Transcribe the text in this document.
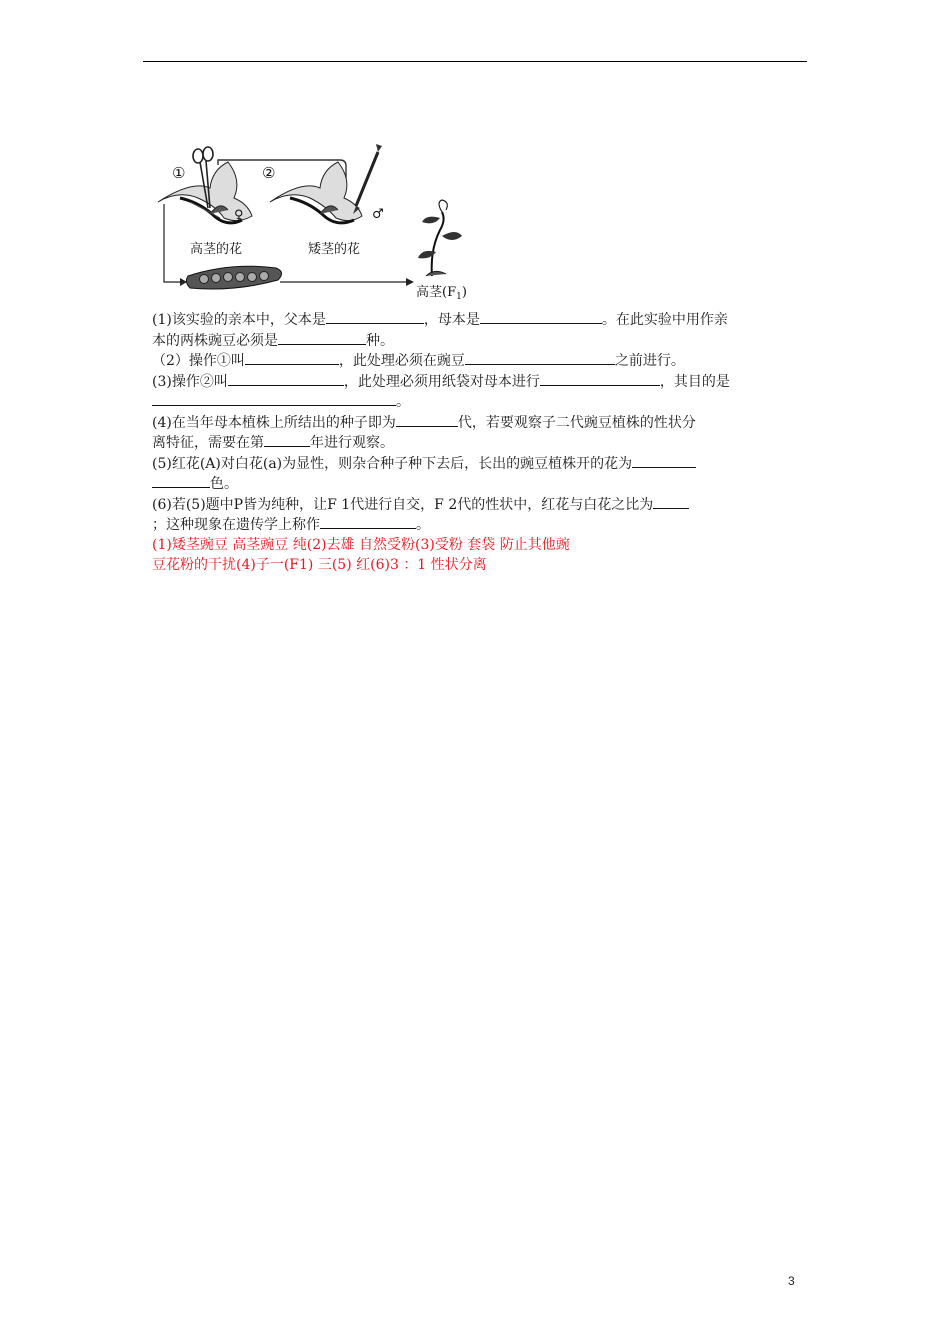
①	②
♀	♂
高茎的花	矮茎的花
高茎$(F_1)$
(1)该实验的亲本中，父本是	，母本是	。在此实验中用作亲
本的两株豌豆必须是	种。
（2）操作①叫	，此处理必须在豌豆	之前进行。
(3)操作②叫	，此处理必须用纸袋对母本进行	，其目的是
。
(4)在当年母本植株上所结出的种子即为	代，若要观察子二代豌豆植株的性状分
离特征，需要在第	年进行观察。
(5)红花(A)对白花(a)为显性，则杂合种子种下去后，长出的豌豆植株开的花为
色。
(6)若(5)题中P皆为纯种，让F 1代进行自交，F 2代的性状中，红花与白花之比为
；这种现象在遗传学上称作	。
(1)矮茎豌豆 高茎豌豆 纯(2)去雄 自然受粉(3)受粉 套袋 防止其他豌
豆花粉的干扰(4)子一(F1) 三(5) 红(6)3 ：1 性状分离
3
